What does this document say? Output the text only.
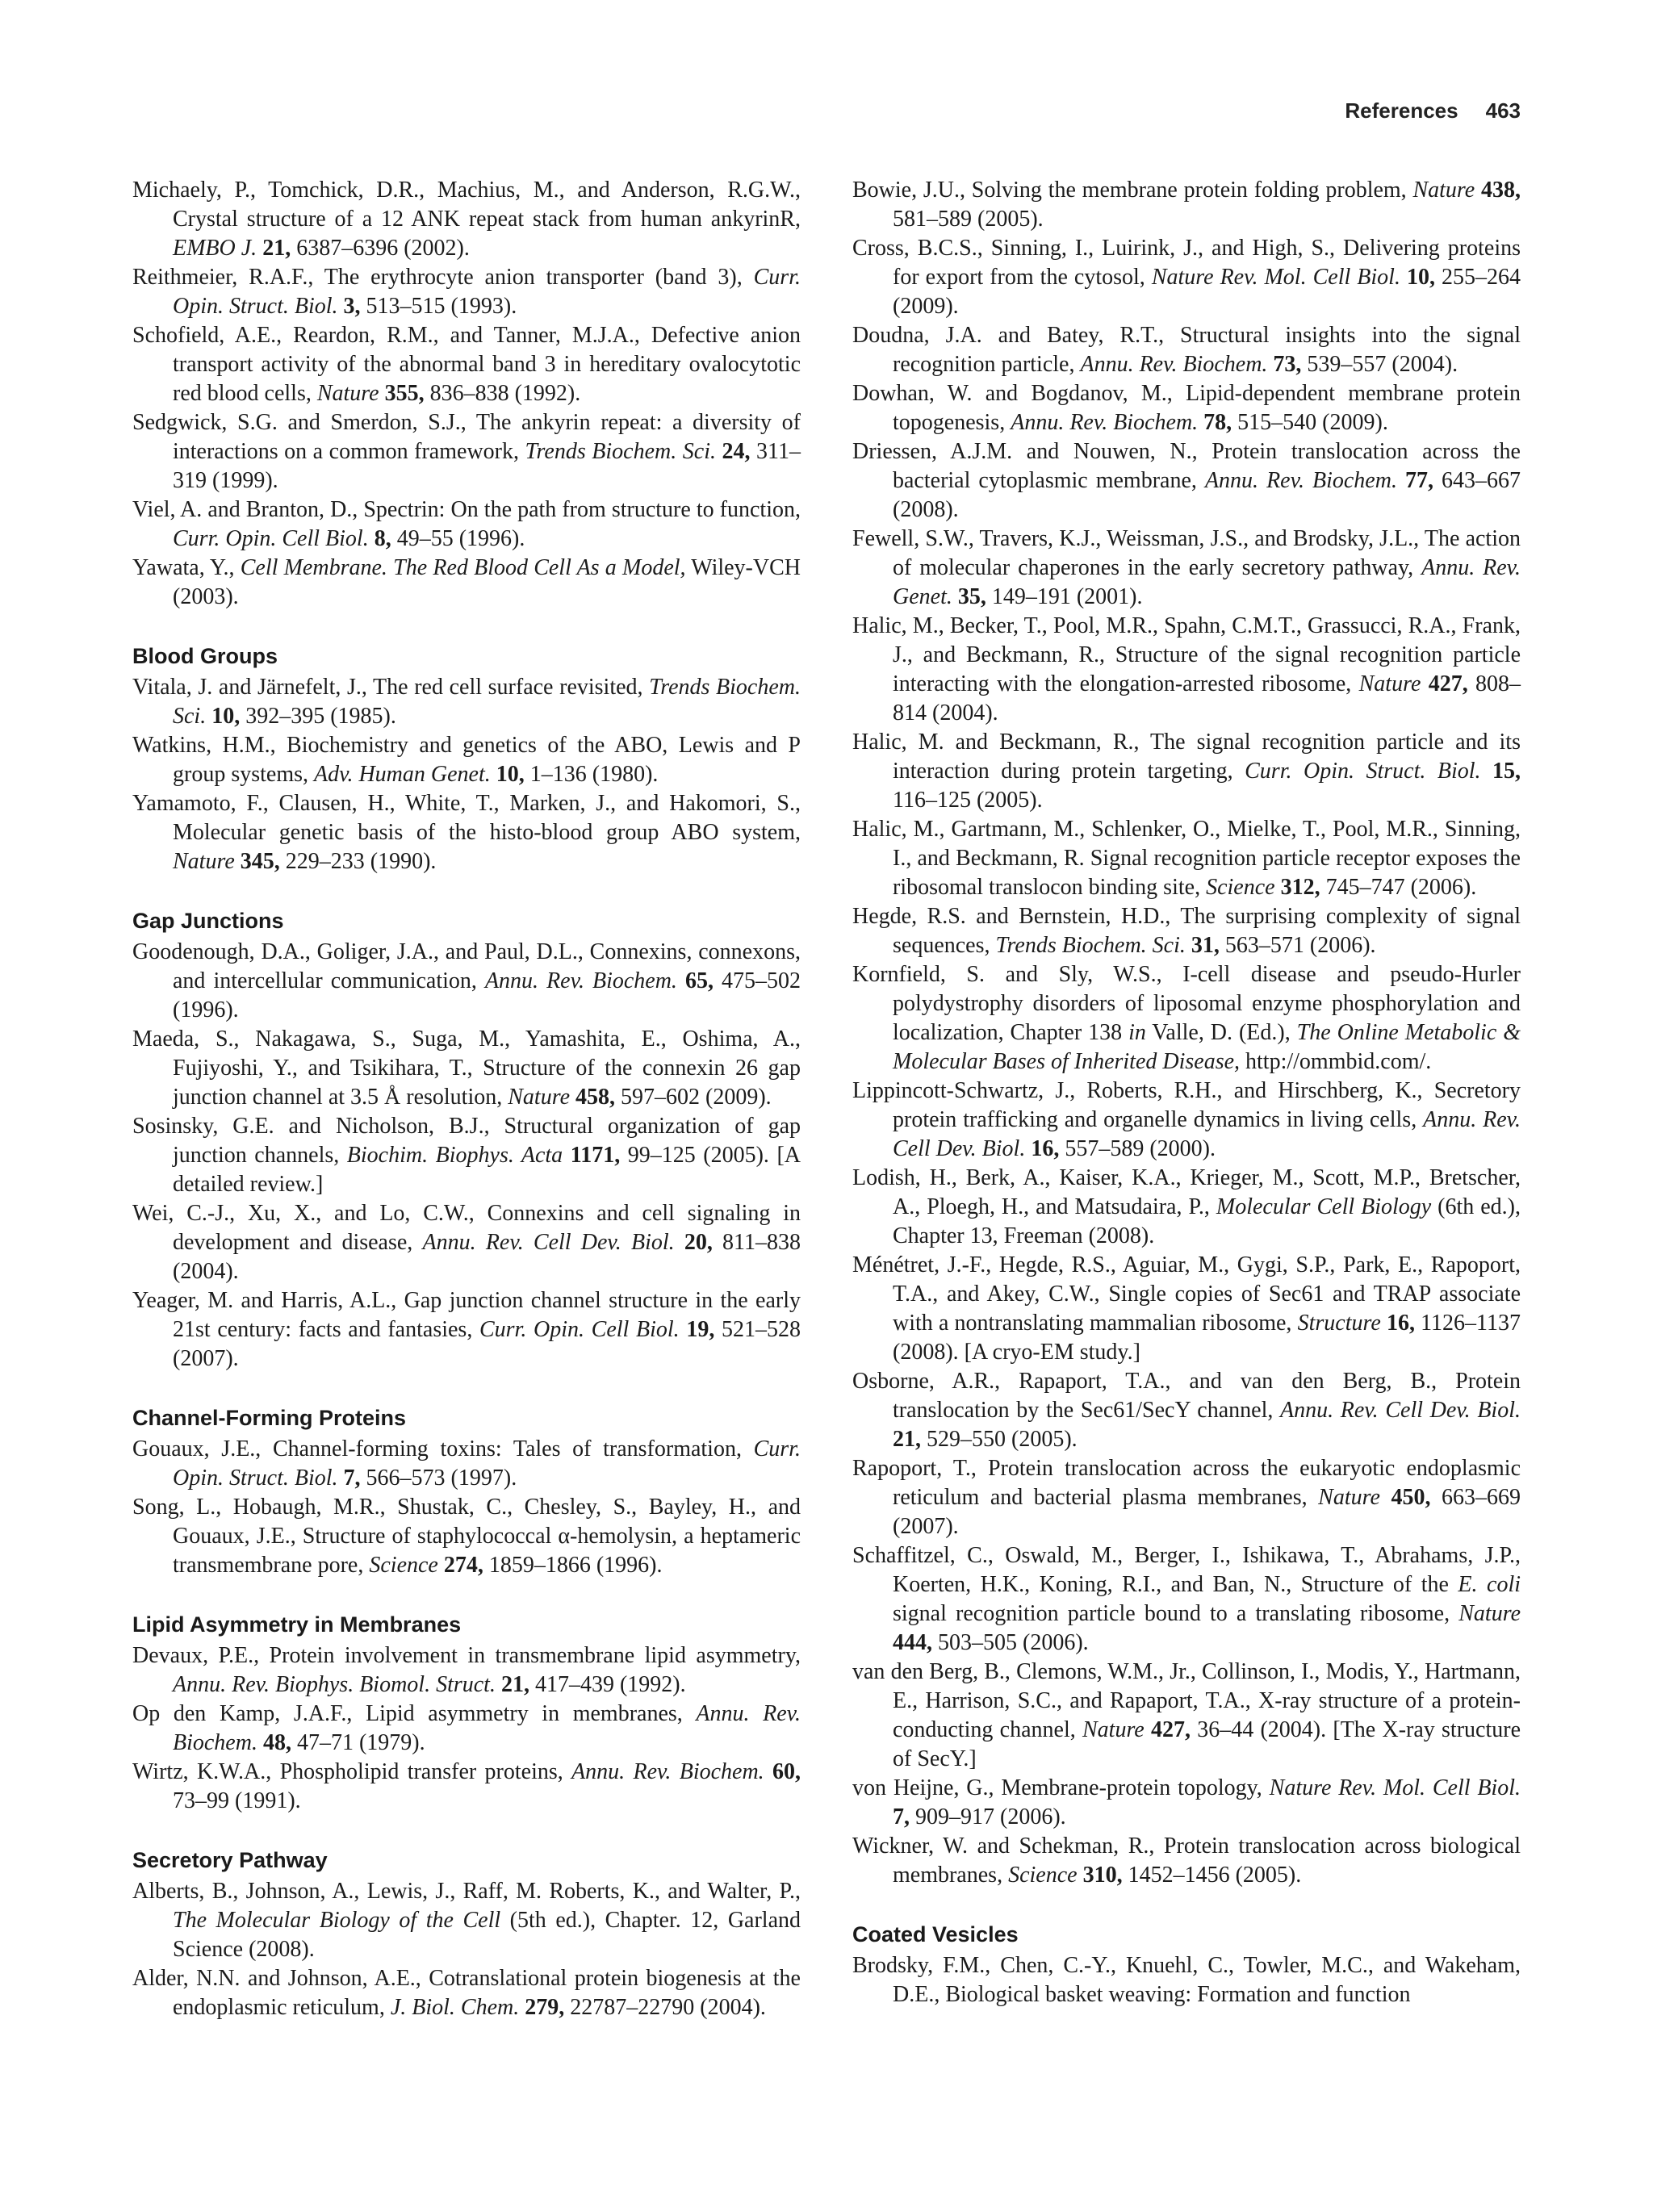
References 463

Michaely, P., Tomchick, D.R., Machius, M., and Anderson, R.G.W., Crystal structure of a 12 ANK repeat stack from human ankyrinR, EMBO J. 21, 6387–6396 (2002).

Reithmeier, R.A.F., The erythrocyte anion transporter (band 3), Curr. Opin. Struct. Biol. 3, 513–515 (1993).

Schofield, A.E., Reardon, R.M., and Tanner, M.J.A., Defective anion transport activity of the abnormal band 3 in hereditary ovalocytotic red blood cells, Nature 355, 836–838 (1992).

Sedgwick, S.G. and Smerdon, S.J., The ankyrin repeat: a diversity of interactions on a common framework, Trends Biochem. Sci. 24, 311–319 (1999).

Viel, A. and Branton, D., Spectrin: On the path from structure to function, Curr. Opin. Cell Biol. 8, 49–55 (1996).

Yawata, Y., Cell Membrane. The Red Blood Cell As a Model, Wiley-VCH (2003).

Blood Groups

Vitala, J. and Järnefelt, J., The red cell surface revisited, Trends Biochem. Sci. 10, 392–395 (1985).

Watkins, H.M., Biochemistry and genetics of the ABO, Lewis and P group systems, Adv. Human Genet. 10, 1–136 (1980).

Yamamoto, F., Clausen, H., White, T., Marken, J., and Hakomori, S., Molecular genetic basis of the histo-blood group ABO system, Nature 345, 229–233 (1990).

Gap Junctions

Goodenough, D.A., Goliger, J.A., and Paul, D.L., Connexins, connexons, and intercellular communication, Annu. Rev. Biochem. 65, 475–502 (1996).

Maeda, S., Nakagawa, S., Suga, M., Yamashita, E., Oshima, A., Fujiyoshi, Y., and Tsikihara, T., Structure of the connexin 26 gap junction channel at 3.5 Å resolution, Nature 458, 597–602 (2009).

Sosinsky, G.E. and Nicholson, B.J., Structural organization of gap junction channels, Biochim. Biophys. Acta 1171, 99–125 (2005). [A detailed review.]

Wei, C.-J., Xu, X., and Lo, C.W., Connexins and cell signaling in development and disease, Annu. Rev. Cell Dev. Biol. 20, 811–838 (2004).

Yeager, M. and Harris, A.L., Gap junction channel structure in the early 21st century: facts and fantasies, Curr. Opin. Cell Biol. 19, 521–528 (2007).

Channel-Forming Proteins

Gouaux, J.E., Channel-forming toxins: Tales of transformation, Curr. Opin. Struct. Biol. 7, 566–573 (1997).

Song, L., Hobaugh, M.R., Shustak, C., Chesley, S., Bayley, H., and Gouaux, J.E., Structure of staphylococcal α-hemolysin, a heptameric transmembrane pore, Science 274, 1859–1866 (1996).

Lipid Asymmetry in Membranes

Devaux, P.E., Protein involvement in transmembrane lipid asymmetry, Annu. Rev. Biophys. Biomol. Struct. 21, 417–439 (1992).

Op den Kamp, J.A.F., Lipid asymmetry in membranes, Annu. Rev. Biochem. 48, 47–71 (1979).

Wirtz, K.W.A., Phospholipid transfer proteins, Annu. Rev. Biochem. 60, 73–99 (1991).

Secretory Pathway

Alberts, B., Johnson, A., Lewis, J., Raff, M. Roberts, K., and Walter, P., The Molecular Biology of the Cell (5th ed.), Chapter. 12, Garland Science (2008).

Alder, N.N. and Johnson, A.E., Cotranslational protein biogenesis at the endoplasmic reticulum, J. Biol. Chem. 279, 22787–22790 (2004).

Bowie, J.U., Solving the membrane protein folding problem, Nature 438, 581–589 (2005).

Cross, B.C.S., Sinning, I., Luirink, J., and High, S., Delivering proteins for export from the cytosol, Nature Rev. Mol. Cell Biol. 10, 255–264 (2009).

Doudna, J.A. and Batey, R.T., Structural insights into the signal recognition particle, Annu. Rev. Biochem. 73, 539–557 (2004).

Dowhan, W. and Bogdanov, M., Lipid-dependent membrane protein topogenesis, Annu. Rev. Biochem. 78, 515–540 (2009).

Driessen, A.J.M. and Nouwen, N., Protein translocation across the bacterial cytoplasmic membrane, Annu. Rev. Biochem. 77, 643–667 (2008).

Fewell, S.W., Travers, K.J., Weissman, J.S., and Brodsky, J.L., The action of molecular chaperones in the early secretory pathway, Annu. Rev. Genet. 35, 149–191 (2001).

Halic, M., Becker, T., Pool, M.R., Spahn, C.M.T., Grassucci, R.A., Frank, J., and Beckmann, R., Structure of the signal recognition particle interacting with the elongation-arrested ribosome, Nature 427, 808–814 (2004).

Halic, M. and Beckmann, R., The signal recognition particle and its interaction during protein targeting, Curr. Opin. Struct. Biol. 15, 116–125 (2005).

Halic, M., Gartmann, M., Schlenker, O., Mielke, T., Pool, M.R., Sinning, I., and Beckmann, R. Signal recognition particle receptor exposes the ribosomal translocon binding site, Science 312, 745–747 (2006).

Hegde, R.S. and Bernstein, H.D., The surprising complexity of signal sequences, Trends Biochem. Sci. 31, 563–571 (2006).

Kornfield, S. and Sly, W.S., I-cell disease and pseudo-Hurler polydystrophy disorders of liposomal enzyme phosphorylation and localization, Chapter 138 in Valle, D. (Ed.), The Online Metabolic & Molecular Bases of Inherited Disease, http://ommbid.com/.

Lippincott-Schwartz, J., Roberts, R.H., and Hirschberg, K., Secretory protein trafficking and organelle dynamics in living cells, Annu. Rev. Cell Dev. Biol. 16, 557–589 (2000).

Lodish, H., Berk, A., Kaiser, K.A., Krieger, M., Scott, M.P., Bretscher, A., Ploegh, H., and Matsudaira, P., Molecular Cell Biology (6th ed.), Chapter 13, Freeman (2008).

Ménétret, J.-F., Hegde, R.S., Aguiar, M., Gygi, S.P., Park, E., Rapoport, T.A., and Akey, C.W., Single copies of Sec61 and TRAP associate with a nontranslating mammalian ribosome, Structure 16, 1126–1137 (2008). [A cryo-EM study.]

Osborne, A.R., Rapaport, T.A., and van den Berg, B., Protein translocation by the Sec61/SecY channel, Annu. Rev. Cell Dev. Biol. 21, 529–550 (2005).

Rapoport, T., Protein translocation across the eukaryotic endoplasmic reticulum and bacterial plasma membranes, Nature 450, 663–669 (2007).

Schaffitzel, C., Oswald, M., Berger, I., Ishikawa, T., Abrahams, J.P., Koerten, H.K., Koning, R.I., and Ban, N., Structure of the E. coli signal recognition particle bound to a translating ribosome, Nature 444, 503–505 (2006).

van den Berg, B., Clemons, W.M., Jr., Collinson, I., Modis, Y., Hartmann, E., Harrison, S.C., and Rapaport, T.A., X-ray structure of a protein-conducting channel, Nature 427, 36–44 (2004). [The X-ray structure of SecY.]

von Heijne, G., Membrane-protein topology, Nature Rev. Mol. Cell Biol. 7, 909–917 (2006).

Wickner, W. and Schekman, R., Protein translocation across biological membranes, Science 310, 1452–1456 (2005).

Coated Vesicles

Brodsky, F.M., Chen, C.-Y., Knuehl, C., Towler, M.C., and Wakeham, D.E., Biological basket weaving: Formation and function
